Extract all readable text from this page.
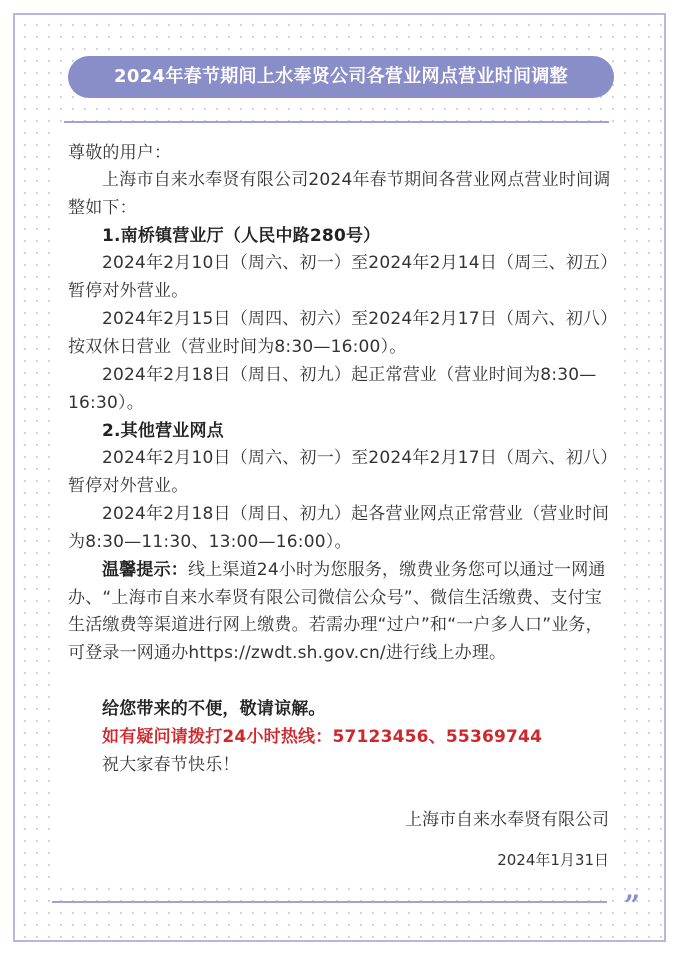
2024年春节期间上水奉贤公司各营业网点营业时间调整

尊敬的用户：

上海市自来水奉贤有限公司2024年春节期间各营业网点营业时间调整如下：

1.南桥镇营业厅（人民中路280号）

2024年2月10日（周六、初一）至2024年2月14日（周三、初五）暂停对外营业。

2024年2月15日（周四、初六）至2024年2月17日（周六、初八）按双休日营业（营业时间为8:30—16:00）。

2024年2月18日（周日、初九）起正常营业（营业时间为8:30—16:30）。

2.其他营业网点

2024年2月10日（周六、初一）至2024年2月17日（周六、初八）暂停对外营业。

2024年2月18日（周日、初九）起各营业网点正常营业（营业时间为8:30—11:30、13:00—16:00）。

温馨提示：线上渠道24小时为您服务，缴费业务您可以通过一网通办、“上海市自来水奉贤有限公司微信公众号”、微信生活缴费、支付宝生活缴费等渠道进行网上缴费。若需办理“过户”和“一户多人口”业务，可登录一网通办https://zwdt.sh.gov.cn/进行线上办理。

给您带来的不便，敬请谅解。

如有疑问请拨打24小时热线：57123456、55369744

祝大家春节快乐！

上海市自来水奉贤有限公司
2024年1月31日
”
